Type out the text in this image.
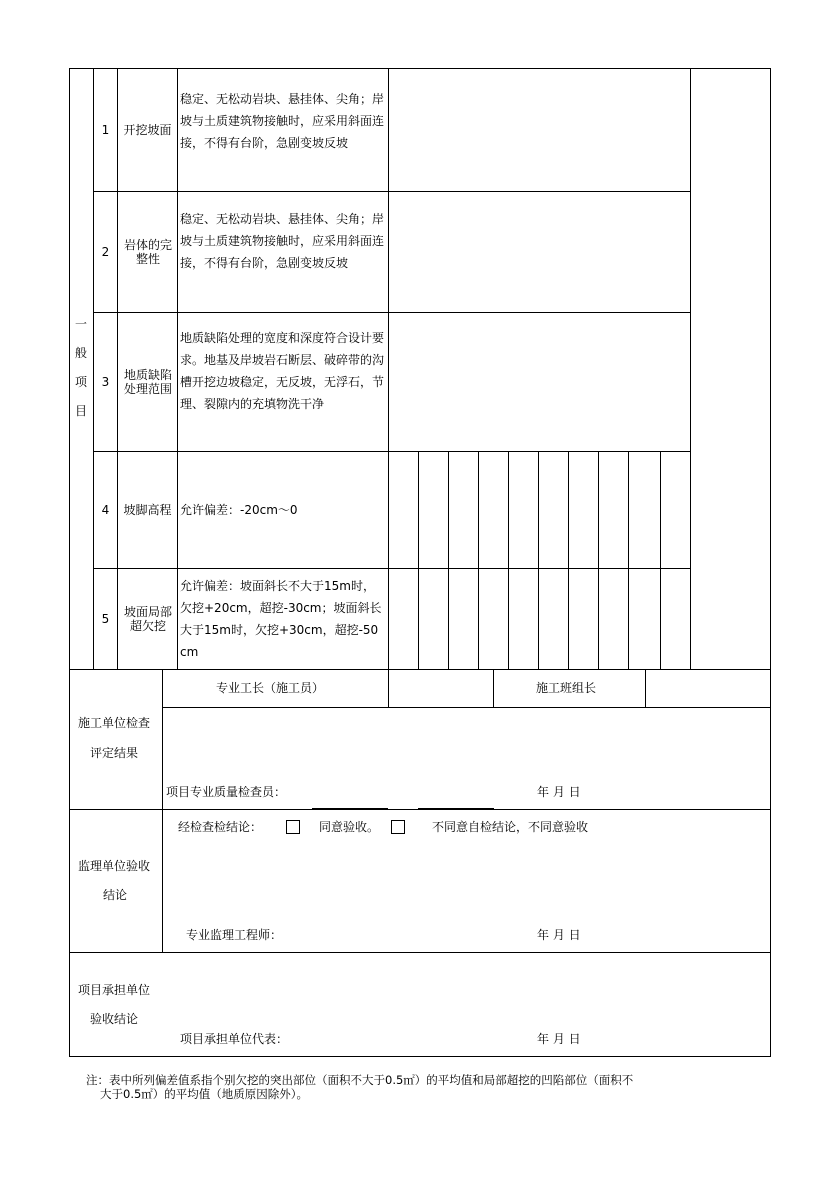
一
般
项
目
1	开挖坡面
稳定、无松动岩块、悬挂体、尖角；岸坡与土质建筑物接触时，应采用斜面连接，不得有台阶，急剧变坡反坡
2	岩体的完整性
稳定、无松动岩块、悬挂体、尖角；岸坡与土质建筑物接触时，应采用斜面连接，不得有台阶，急剧变坡反坡
3	地质缺陷处理范围
地质缺陷处理的宽度和深度符合设计要求。地基及岸坡岩石断层、破碎带的沟槽开挖边坡稳定，无反坡，无浮石，节理、裂隙内的充填物洗干净
4	坡脚高程 允许偏差：-20cm～0
5	坡面局部超欠挖
允许偏差：坡面斜长不大于15m时，欠挖+20cm，超挖-30cm；坡面斜长大于15m时，欠挖+30cm，超挖-50cm
专业工长（施工员）	施工班组长
施工单位检查
评定结果
项目专业质量检查员：	年 月 日
经检查检结论：	同意验收。	不同意自检结论，不同意验收
监理单位验收
结论
专业监理工程师：	年 月 日
项目承担单位
验收结论
项目承担单位代表：	年 月 日
注：表中所列偏差值系指个别欠挖的突出部位（面积不大于0.5㎡）的平均值和局部超挖的凹陷部位（面积不
大于0.5㎡）的平均值（地质原因除外）。
